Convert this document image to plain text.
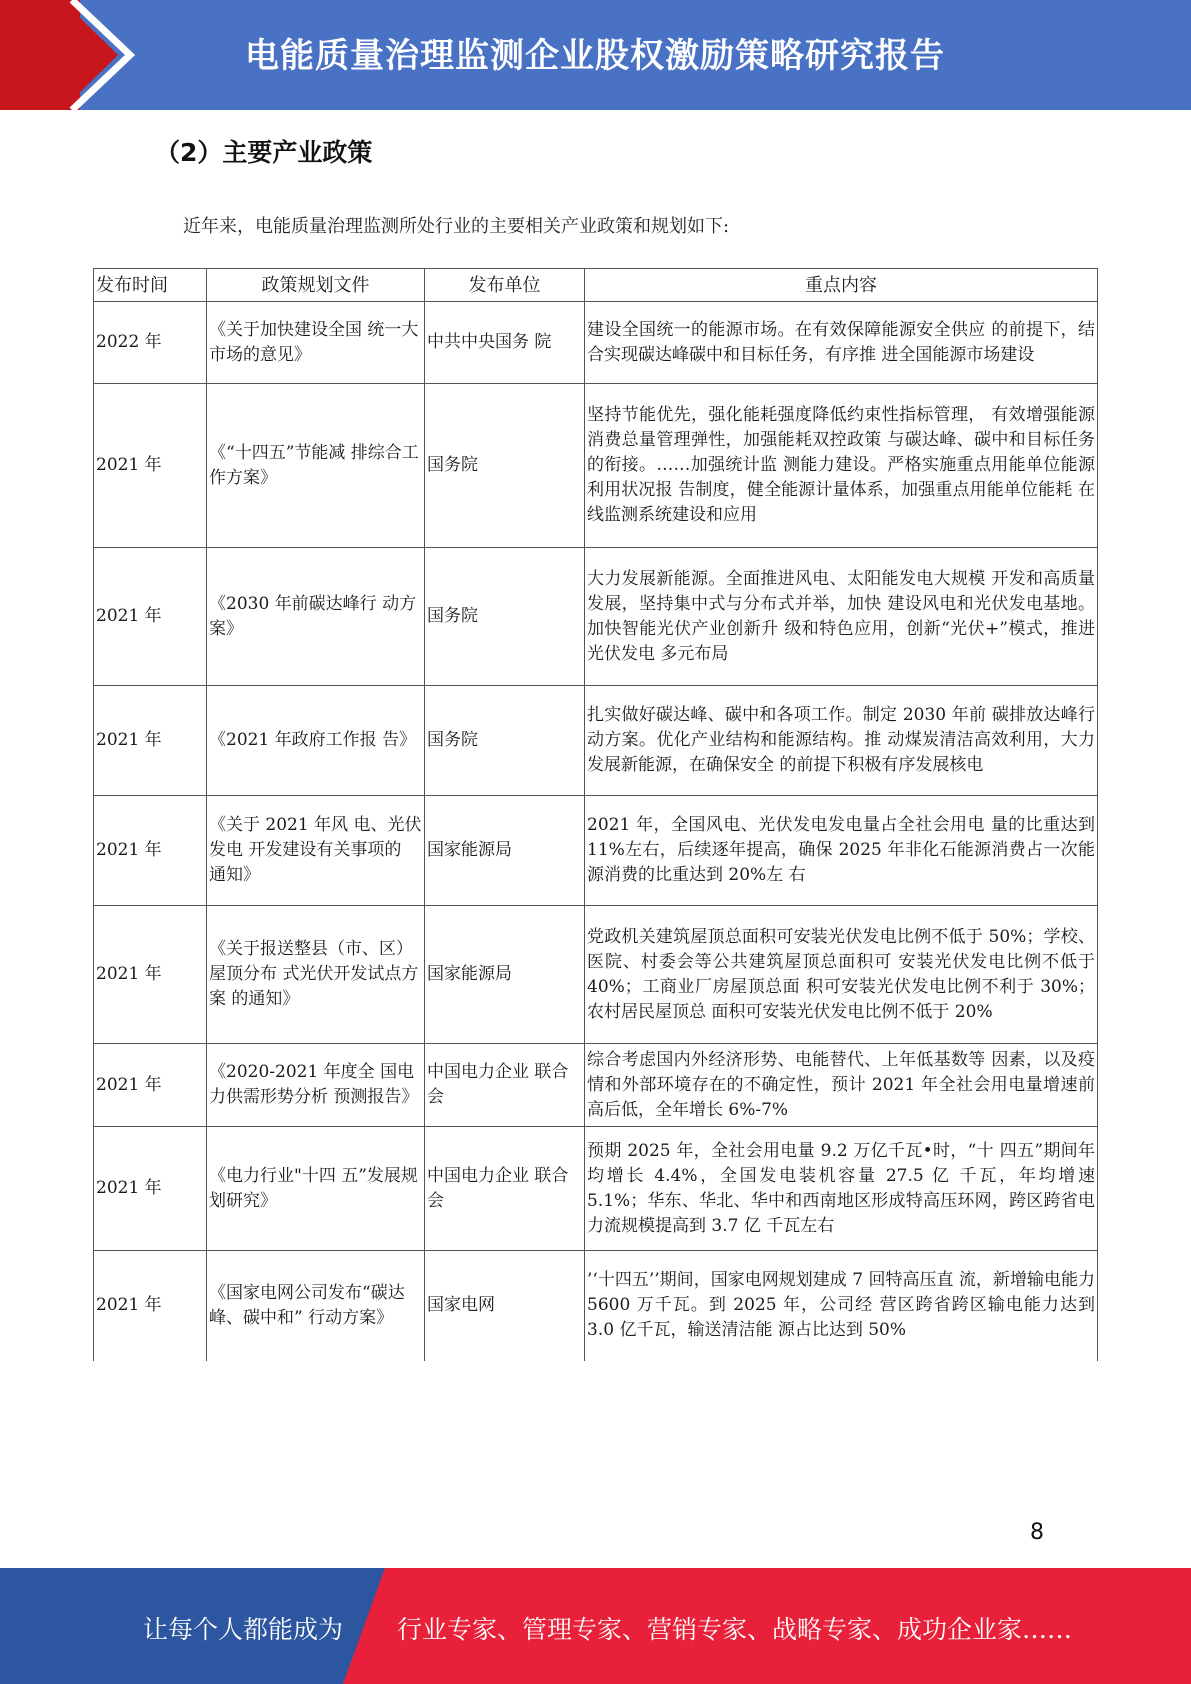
电能质量治理监测企业股权激励策略研究报告
（2）主要产业政策
近年来，电能质量治理监测所处行业的主要相关产业政策和规划如下:
发布时间	政策规划文件	发布单位	重点内容
2022 年	《关于加快建设全国 统一大市场的意见》	中共中央国务 院	建设全国统一的能源市场。在有效保障能源安全供应 的前提下，结合实现碳达峰碳中和目标任务，有序推 进全国能源市场建设
2021 年	《“十四五”节能减 排综合工作方案》	国务院	坚持节能优先，强化能耗强度降低约束性指标管理， 有效增强能源消费总量管理弹性，加强能耗双控政策 与碳达峰、碳中和目标任务的衔接。……加强统计监 测能力建设。严格实施重点用能单位能源利用状况报 告制度，健全能源计量体系，加强重点用能单位能耗 在线监测系统建设和应用
2021 年	《2030 年前碳达峰行 动方案》	国务院	大力发展新能源。全面推进风电、太阳能发电大规模 开发和高质量发展，坚持集中式与分布式并举，加快 建设风电和光伏发电基地。加快智能光伏产业创新升 级和特色应用，创新“光伏+”模式，推进光伏发电 多元布局
2021 年	《2021 年政府工作报 告》	国务院	扎实做好碳达峰、碳中和各项工作。制定 2030 年前 碳排放达峰行动方案。优化产业结构和能源结构。推 动煤炭清洁高效利用，大力发展新能源，在确保安全 的前提下积极有序发展核电
2021 年	《关于 2021 年风 电、光伏发电 开发建设有关事项的 通知》	国家能源局	2021 年，全国风电、光伏发电发电量占全社会用电 量的比重达到 11%左右，后续逐年提高，确保 2025 年非化石能源消费占一次能源消费的比重达到 20%左 右
2021 年	《关于报送整县（市、区）屋顶分布 式光伏开发试点方案 的通知》	国家能源局	党政机关建筑屋顶总面积可安装光伏发电比例不低于 50%；学校、医院、村委会等公共建筑屋顶总面积可 安装光伏发电比例不低于 40%；工商业厂房屋顶总面 积可安装光伏发电比例不利于 30%；农村居民屋顶总 面积可安装光伏发电比例不低于 20%
2021 年	《2020-2021 年度全 国电力供需形势分析 预测报告》	中国电力企业 联合会	综合考虑国内外经济形势、电能替代、上年低基数等 因素，以及疫情和外部环境存在的不确定性，预计 2021 年全社会用电量增速前高后低，全年增长 6%-7%
2021 年	《电力行业"十四 五”发展规划研究》	中国电力企业 联合会	预期 2025 年，全社会用电量 9.2 万亿千瓦•时，“十 四五”期间年均增长 4.4%，全国发电装机容量 27.5 亿 千瓦，年均增速 5.1%；华东、华北、华中和西南地区形成特高压环网，跨区跨省电力流规模提高到 3.7 亿 千瓦左右
2021 年	《国家电网公司发布“碳达峰、碳中和” 行动方案》	国家电网	’‘十四五’’期间，国家电网规划建成 7 回特高压直 流，新增输电能力 5600 万千瓦。到 2025 年，公司经 营区跨省跨区输电能力达到 3.0 亿千瓦，输送清洁能 源占比达到 50%
8
让每个人都能成为 行业专家、管理专家、营销专家、战略专家、成功企业家……
